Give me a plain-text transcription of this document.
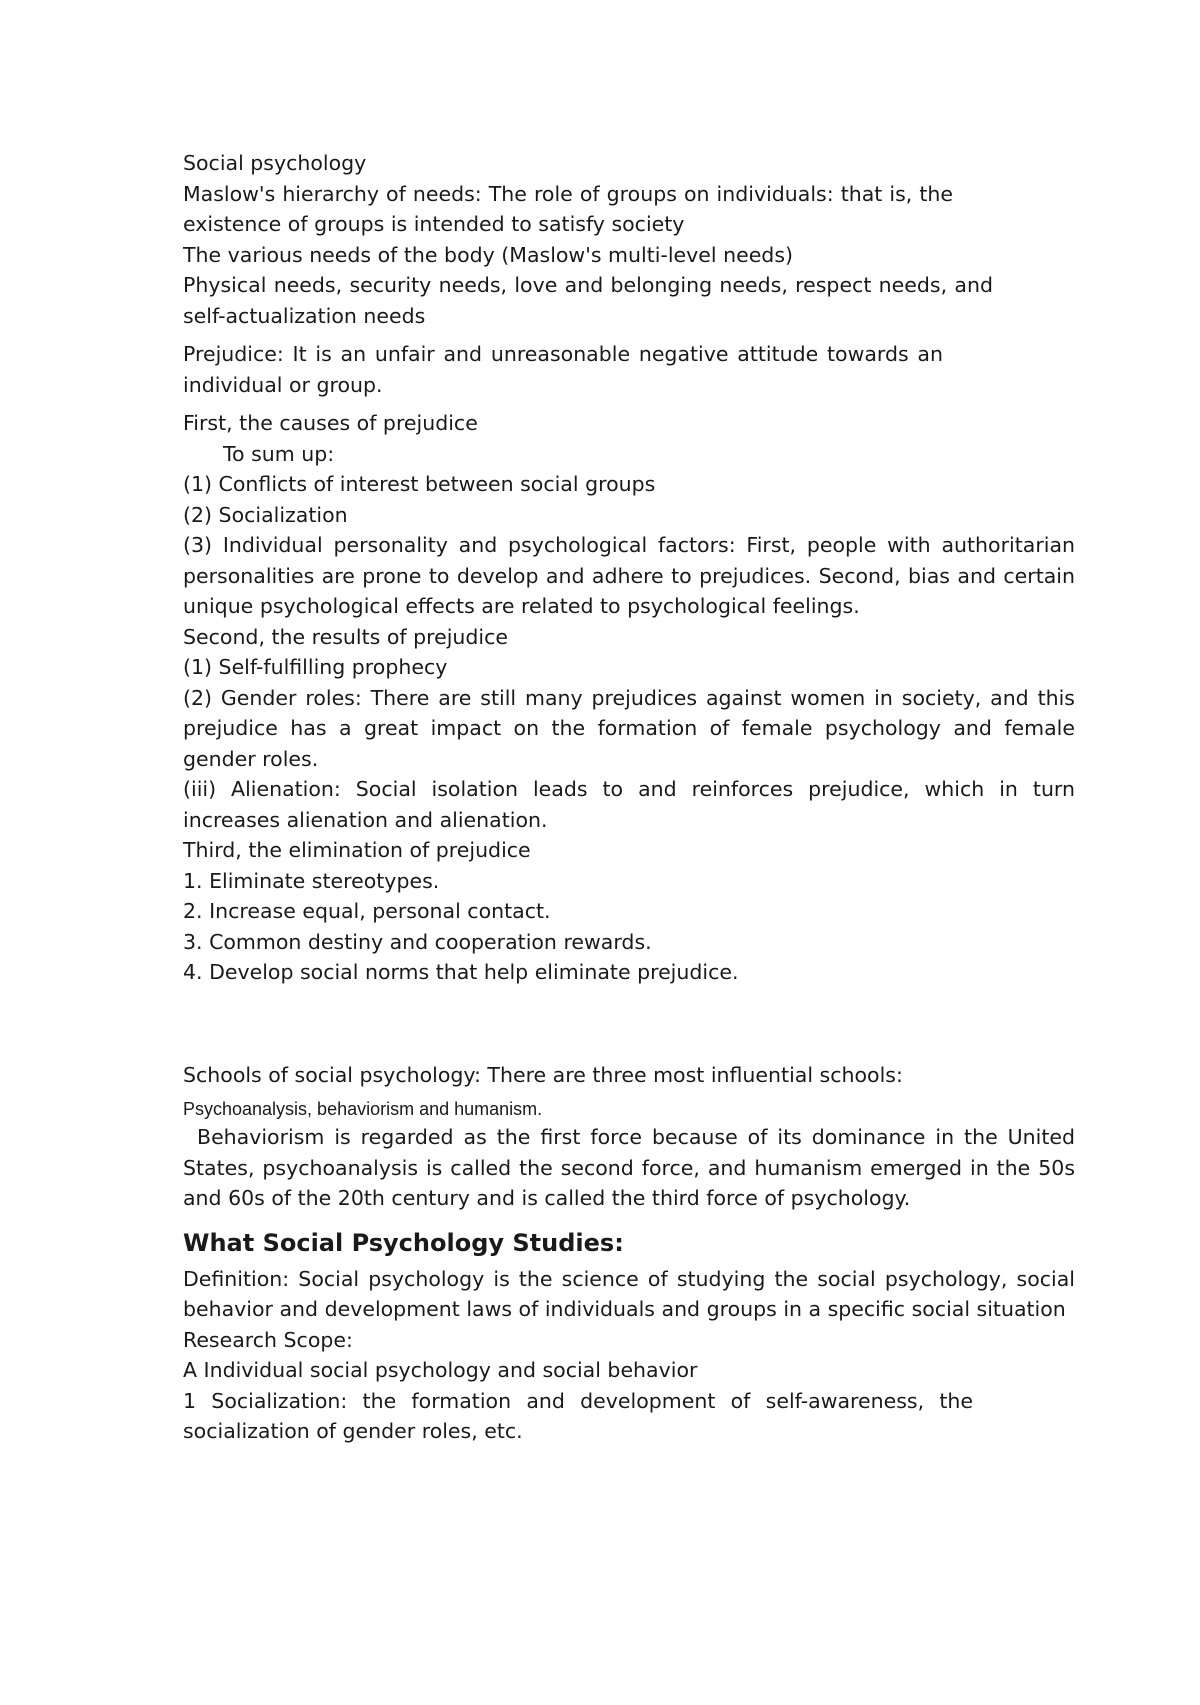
Social psychology
Maslow's hierarchy of needs: The role of groups on individuals: that is, the existence of groups is intended to satisfy society
The various needs of the body (Maslow's multi-level needs)
Physical needs, security needs, love and belonging needs, respect needs, and self-actualization needs
Prejudice: It is an unfair and unreasonable negative attitude towards an individual or group.
First, the causes of prejudice
To sum up:
(1) Conflicts of interest between social groups
(2) Socialization
(3) Individual personality and psychological factors: First, people with authoritarian personalities are prone to develop and adhere to prejudices. Second, bias and certain unique psychological effects are related to psychological feelings.
Second, the results of prejudice
(1) Self-fulfilling prophecy
(2) Gender roles: There are still many prejudices against women in society, and this prejudice has a great impact on the formation of female psychology and female gender roles.
(iii) Alienation: Social isolation leads to and reinforces prejudice, which in turn increases alienation and alienation.
Third, the elimination of prejudice
1. Eliminate stereotypes.
2. Increase equal, personal contact.
3. Common destiny and cooperation rewards.
4. Develop social norms that help eliminate prejudice.
Schools of social psychology: There are three most influential schools:
Psychoanalysis, behaviorism and humanism.
Behaviorism is regarded as the first force because of its dominance in the United States, psychoanalysis is called the second force, and humanism emerged in the 50s and 60s of the 20th century and is called the third force of psychology.
What Social Psychology Studies:
Definition: Social psychology is the science of studying the social psychology, social behavior and development laws of individuals and groups in a specific social situation
Research Scope:
A Individual social psychology and social behavior
1 Socialization: the formation and development of self-awareness, the socialization of gender roles, etc.
